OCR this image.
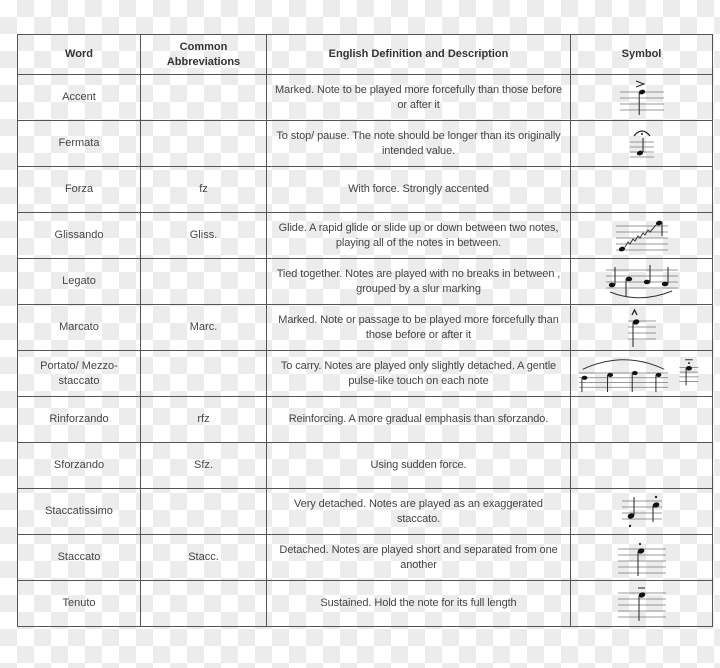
Word	Common Abbreviations	English Definition and Description	Symbol
Accent		Marked. Note to be played more forcefully than those before or after it	

Fermata		To stop/ pause. The note should be longer than its originally intended value.	

Forza	fz	With force. Strongly accented	
Glissando	Gliss.	Glide. A rapid glide or slide up or down between two notes, playing all of the notes in between.	

Legato		Tied together. Notes are played with no breaks in between , grouped by a slur marking	

Marcato	Marc.	Marked. Note or passage to be played more forcefully than those before or after it	

Portato/ Mezzo-staccato		To carry. Notes are played only slightly detached. A gentle pulse-like touch on each note	

Rinforzando	rfz	Reinforcing. A more gradual emphasis than sforzando.	
Sforzando	Sfz.	Using sudden force.	
Staccatissimo		Very detached. Notes are played as an exaggerated staccato.	

Staccato	Stacc.	Detached. Notes are played short and separated from one another	

Tenuto		Sustained. Hold the note for its full length	
